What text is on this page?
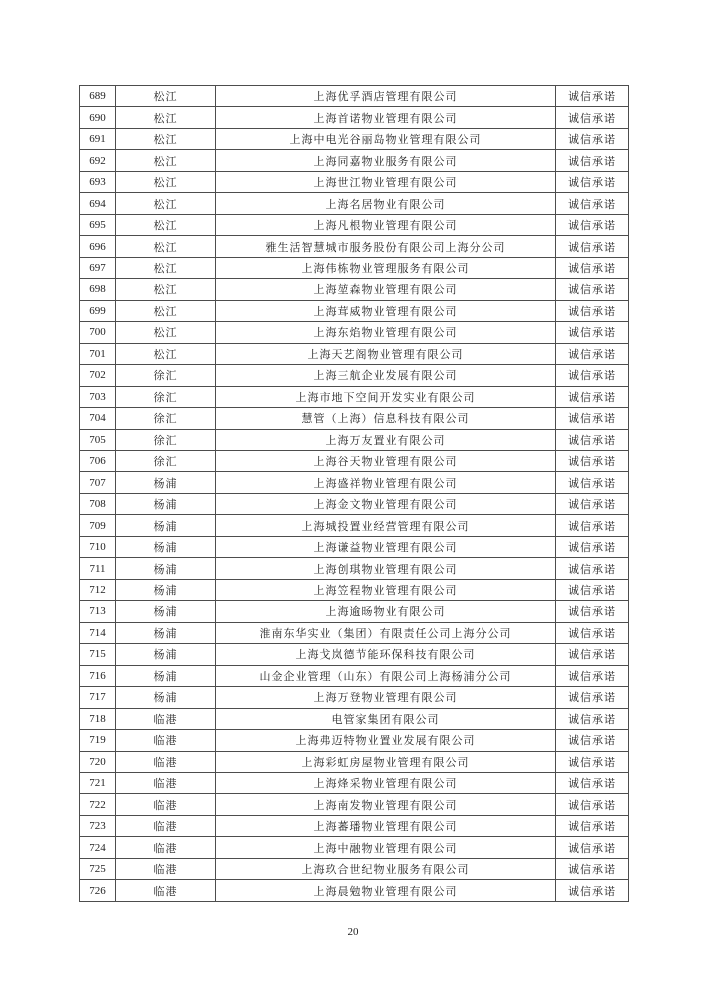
689	松江	上海优孚酒店管理有限公司	诚信承诺
690	松江	上海首诺物业管理有限公司	诚信承诺
691	松江	上海中电光谷丽岛物业管理有限公司	诚信承诺
692	松江	上海同嘉物业服务有限公司	诚信承诺
693	松江	上海世江物业管理有限公司	诚信承诺
694	松江	上海名居物业有限公司	诚信承诺
695	松江	上海凡根物业管理有限公司	诚信承诺
696	松江	雅生活智慧城市服务股份有限公司上海分公司	诚信承诺
697	松江	上海伟栋物业管理服务有限公司	诚信承诺
698	松江	上海堃森物业管理有限公司	诚信承诺
699	松江	上海茸威物业管理有限公司	诚信承诺
700	松江	上海东焰物业管理有限公司	诚信承诺
701	松江	上海天艺阁物业管理有限公司	诚信承诺
702	徐汇	上海三航企业发展有限公司	诚信承诺
703	徐汇	上海市地下空间开发实业有限公司	诚信承诺
704	徐汇	慧管（上海）信息科技有限公司	诚信承诺
705	徐汇	上海万友置业有限公司	诚信承诺
706	徐汇	上海谷天物业管理有限公司	诚信承诺
707	杨浦	上海盛祥物业管理有限公司	诚信承诺
708	杨浦	上海金文物业管理有限公司	诚信承诺
709	杨浦	上海城投置业经营管理有限公司	诚信承诺
710	杨浦	上海谦益物业管理有限公司	诚信承诺
711	杨浦	上海创琪物业管理有限公司	诚信承诺
712	杨浦	上海笠程物业管理有限公司	诚信承诺
713	杨浦	上海逾旸物业有限公司	诚信承诺
714	杨浦	淮南东华实业（集团）有限责任公司上海分公司	诚信承诺
715	杨浦	上海戈岚德节能环保科技有限公司	诚信承诺
716	杨浦	山金企业管理（山东）有限公司上海杨浦分公司	诚信承诺
717	杨浦	上海万登物业管理有限公司	诚信承诺
718	临港	电管家集团有限公司	诚信承诺
719	临港	上海弗迈特物业置业发展有限公司	诚信承诺
720	临港	上海彩虹房屋物业管理有限公司	诚信承诺
721	临港	上海烽采物业管理有限公司	诚信承诺
722	临港	上海南发物业管理有限公司	诚信承诺
723	临港	上海蕃璠物业管理有限公司	诚信承诺
724	临港	上海中融物业管理有限公司	诚信承诺
725	临港	上海玖合世纪物业服务有限公司	诚信承诺
726	临港	上海晨勉物业管理有限公司	诚信承诺
20
